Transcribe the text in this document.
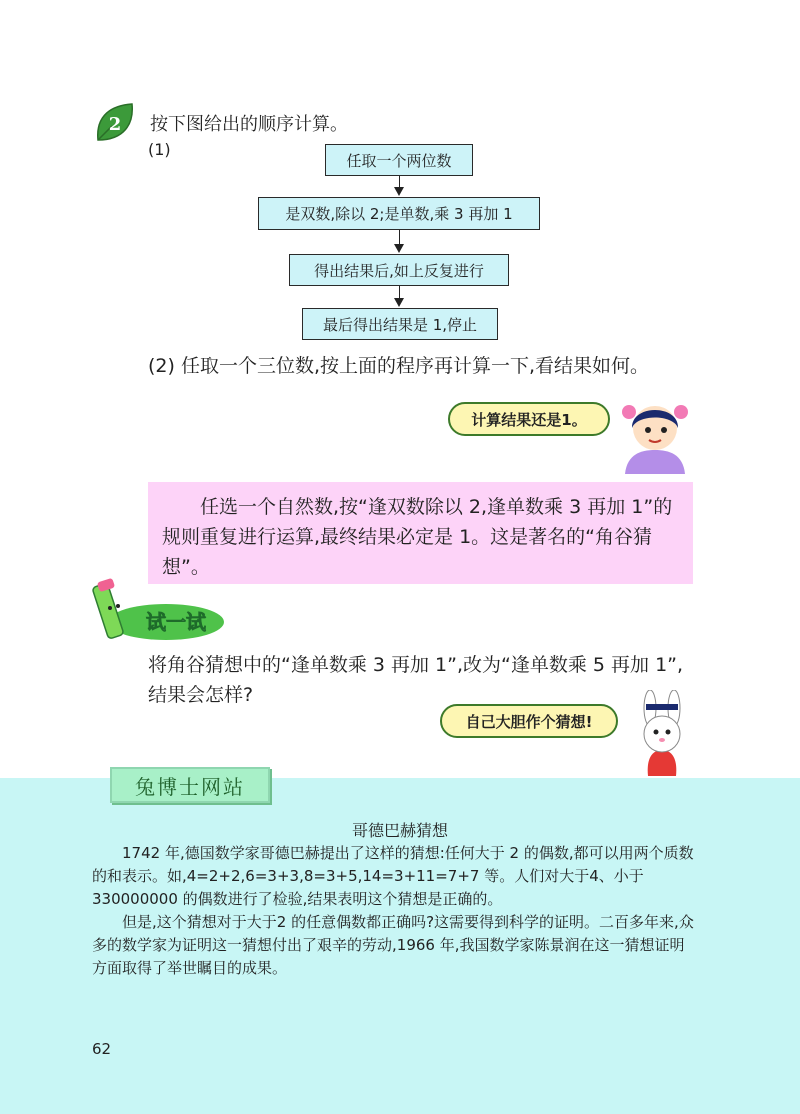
2 按下图给出的顺序计算。
(1)
任取一个两位数
是双数,除以 2;是单数,乘 3 再加 1
得出结果后,如上反复进行
最后得出结果是 1,停止
(2) 任取一个三位数,按上面的程序再计算一下,看结果如何。
计算结果还是1。
任选一个自然数,按“逢双数除以 2,逢单数乘 3 再加 1”的规则重复进行运算,最终结果必定是 1。这是著名的“角谷猜想”。
试一试
将角谷猜想中的“逢单数乘 3 再加 1”,改为“逢单数乘 5 再加 1”,结果会怎样?
自己大胆作个猜想!
兔博士网站
哥德巴赫猜想

1742 年,德国数学家哥德巴赫提出了这样的猜想:任何大于 2 的偶数,都可以用两个质数的和表示。如,4=2+2,6=3+3,8=3+5,14=3+11=7+7 等。人们对大于4、小于 330000000 的偶数进行了检验,结果表明这个猜想是正确的。

但是,这个猜想对于大于2 的任意偶数都正确吗?这需要得到科学的证明。二百多年来,众多的数学家为证明这一猜想付出了艰辛的劳动,1966 年,我国数学家陈景润在这一猜想证明方面取得了举世瞩目的成果。

62
